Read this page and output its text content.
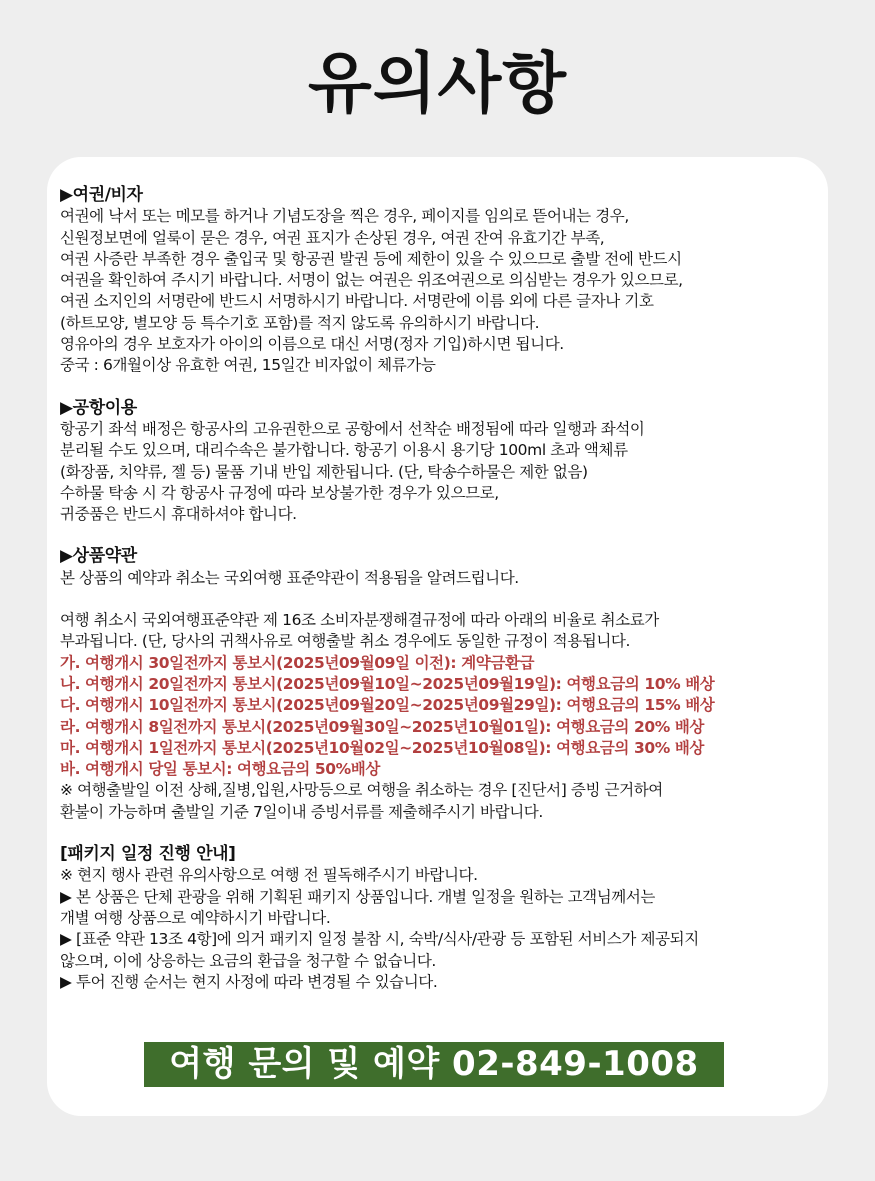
유의사항
▶여권/비자
여권에 낙서 또는 메모를 하거나 기념도장을 찍은 경우, 페이지를 임의로 뜯어내는 경우,
신원정보면에 얼룩이 묻은 경우, 여권 표지가 손상된 경우, 여권 잔여 유효기간 부족,
여권 사증란 부족한 경우 출입국 및 항공권 발권 등에 제한이 있을 수 있으므로 출발 전에 반드시
여권을 확인하여 주시기 바랍니다. 서명이 없는 여권은 위조여권으로 의심받는 경우가 있으므로,
여권 소지인의 서명란에 반드시 서명하시기 바랍니다. 서명란에 이름 외에 다른 글자나 기호
(하트모양, 별모양 등 특수기호 포함)를 적지 않도록 유의하시기 바랍니다.
영유아의 경우 보호자가 아이의 이름으로 대신 서명(정자 기입)하시면 됩니다.
중국 : 6개월이상 유효한 여권, 15일간 비자없이 체류가능
▶공항이용
항공기 좌석 배정은 항공사의 고유권한으로 공항에서 선착순 배정됨에 따라 일행과 좌석이
분리될 수도 있으며, 대리수속은 불가합니다. 항공기 이용시 용기당 100ml 초과 액체류
(화장품, 치약류, 젤 등) 물품 기내 반입 제한됩니다. (단, 탁송수하물은 제한 없음)
수하물 탁송 시 각 항공사 규정에 따라 보상불가한 경우가 있으므로,
귀중품은 반드시 휴대하셔야 합니다.
▶상품약관
본 상품의 예약과 취소는 국외여행 표준약관이 적용됨을 알려드립니다.
여행 취소시 국외여행표준약관 제 16조 소비자분쟁해결규정에 따라 아래의 비율로 취소료가
부과됩니다. (단, 당사의 귀책사유로 여행출발 취소 경우에도 동일한 규정이 적용됩니다.
가. 여행개시 30일전까지 통보시(2025년09월09일 이전): 계약금환급
나. 여행개시 20일전까지 통보시(2025년09월10일~2025년09월19일): 여행요금의 10% 배상
다. 여행개시 10일전까지 통보시(2025년09월20일~2025년09월29일): 여행요금의 15% 배상
라. 여행개시 8일전까지 통보시(2025년09월30일~2025년10월01일): 여행요금의 20% 배상
마. 여행개시 1일전까지 통보시(2025년10월02일~2025년10월08일): 여행요금의 30% 배상
바. 여행개시 당일 통보시: 여행요금의 50%배상
※ 여행출발일 이전 상해,질병,입원,사망등으로 여행을 취소하는 경우 [진단서] 증빙 근거하여
환불이 가능하며 출발일 기준 7일이내 증빙서류를 제출해주시기 바랍니다.
[패키지 일정 진행 안내]
※ 현지 행사 관련 유의사항으로 여행 전 필독해주시기 바랍니다.
▶ 본 상품은 단체 관광을 위해 기획된 패키지 상품입니다. 개별 일정을 원하는 고객님께서는
개별 여행 상품으로 예약하시기 바랍니다.
▶ [표준 약관 13조 4항]에 의거 패키지 일정 불참 시, 숙박/식사/관광 등 포함된 서비스가 제공되지
않으며, 이에 상응하는 요금의 환급을 청구할 수 없습니다.
▶ 투어 진행 순서는 현지 사정에 따라 변경될 수 있습니다.
여행 문의 및 예약 02-849-1008
